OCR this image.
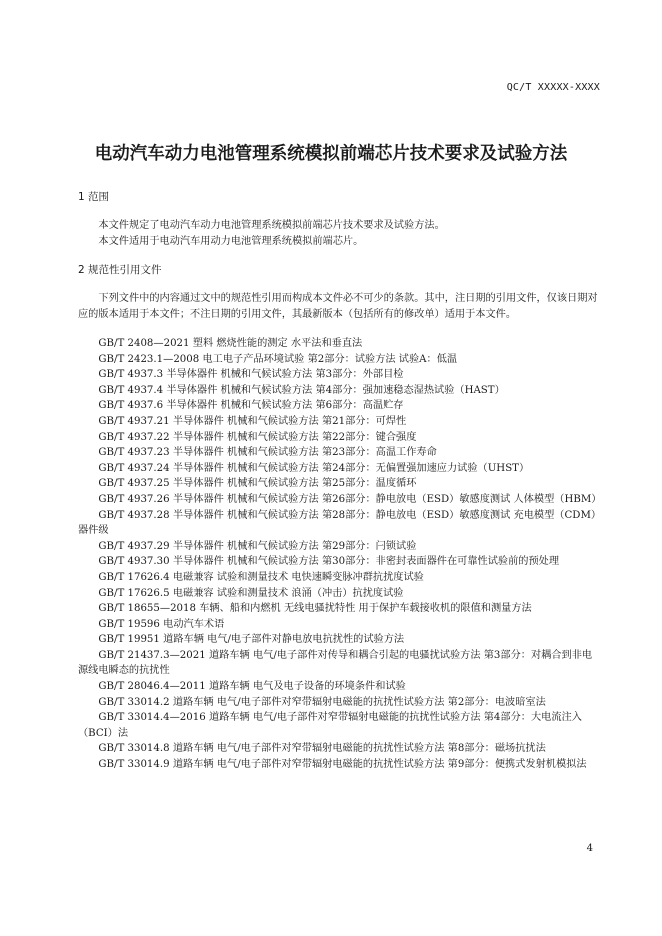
QC/T XXXXX-XXXX
电动汽车动力电池管理系统模拟前端芯片技术要求及试验方法
1 范围

本文件规定了电动汽车动力电池管理系统模拟前端芯片技术要求及试验方法。

本文件适用于电动汽车用动力电池管理系统模拟前端芯片。

2 规范性引用文件

下列文件中的内容通过文中的规范性引用而构成本文件必不可少的条款。其中，注日期的引用文件，仅该日期对应的版本适用于本文件；不注日期的引用文件，其最新版本（包括所有的修改单）适用于本文件。

GB/T 2408—2021 塑料 燃烧性能的测定 水平法和垂直法
GB/T 2423.1—2008 电工电子产品环境试验 第2部分：试验方法 试验A：低温
GB/T 4937.3 半导体器件 机械和气候试验方法 第3部分：外部目检
GB/T 4937.4 半导体器件 机械和气候试验方法 第4部分：强加速稳态湿热试验（HAST）
GB/T 4937.6 半导体器件 机械和气候试验方法 第6部分：高温贮存
GB/T 4937.21 半导体器件 机械和气候试验方法 第21部分：可焊性
GB/T 4937.22 半导体器件 机械和气候试验方法 第22部分：键合强度
GB/T 4937.23 半导体器件 机械和气候试验方法 第23部分：高温工作寿命
GB/T 4937.24 半导体器件 机械和气候试验方法 第24部分：无偏置强加速应力试验（UHST）
GB/T 4937.25 半导体器件 机械和气候试验方法 第25部分：温度循环
GB/T 4937.26 半导体器件 机械和气候试验方法 第26部分：静电放电（ESD）敏感度测试 人体模型（HBM）
GB/T 4937.28 半导体器件 机械和气候试验方法 第28部分：静电放电（ESD）敏感度测试 充电模型（CDM）器件级
GB/T 4937.29 半导体器件 机械和气候试验方法 第29部分：闩锁试验
GB/T 4937.30 半导体器件 机械和气候试验方法 第30部分：非密封表面器件在可靠性试验前的预处理
GB/T 17626.4 电磁兼容 试验和测量技术 电快速瞬变脉冲群抗扰度试验
GB/T 17626.5 电磁兼容 试验和测量技术 浪涌（冲击）抗扰度试验
GB/T 18655—2018 车辆、船和内燃机 无线电骚扰特性 用于保护车载接收机的限值和测量方法
GB/T 19596 电动汽车术语
GB/T 19951 道路车辆 电气/电子部件对静电放电抗扰性的试验方法
GB/T 21437.3—2021 道路车辆 电气/电子部件对传导和耦合引起的电骚扰试验方法 第3部分：对耦合到非电源线电瞬态的抗扰性
GB/T 28046.4—2011 道路车辆 电气及电子设备的环境条件和试验
GB/T 33014.2 道路车辆 电气/电子部件对窄带辐射电磁能的抗扰性试验方法 第2部分：电波暗室法
GB/T 33014.4—2016 道路车辆 电气/电子部件对窄带辐射电磁能的抗扰性试验方法 第4部分：大电流注入（BCI）法
GB/T 33014.8 道路车辆 电气/电子部件对窄带辐射电磁能的抗扰性试验方法 第8部分：磁场抗扰法
GB/T 33014.9 道路车辆 电气/电子部件对窄带辐射电磁能的抗扰性试验方法 第9部分：便携式发射机模拟法
4
